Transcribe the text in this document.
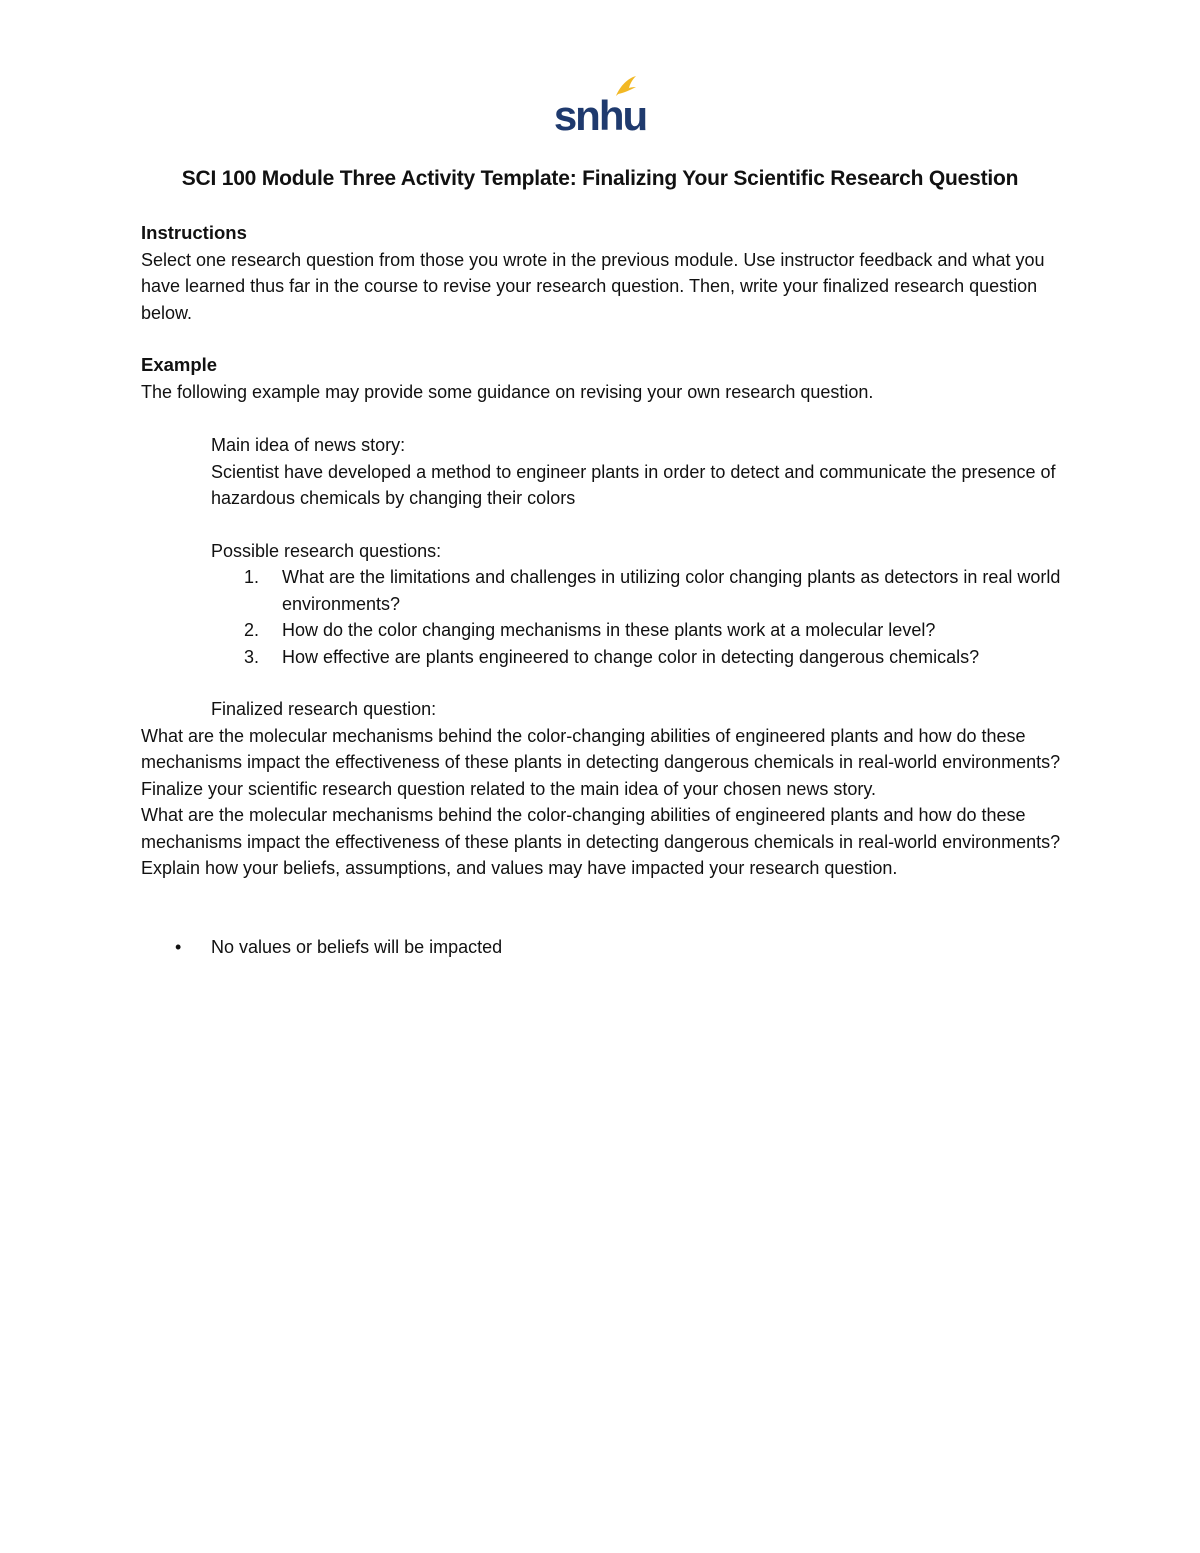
snhu
SCI 100 Module Three Activity Template: Finalizing Your Scientific Research Question
Instructions

Select one research question from those you wrote in the previous module. Use instructor feedback and what you have learned thus far in the course to revise your research question. Then, write your finalized research question below.

Example

The following example may provide some guidance on revising your own research question.

Main idea of news story:

Scientist have developed a method to engineer plants in order to detect and communicate the presence of hazardous chemicals by changing their colors

Possible research questions:

1. What are the limitations and challenges in utilizing color changing plants as detectors in real world environments?
2. How do the color changing mechanisms in these plants work at a molecular level?
3. How effective are plants engineered to change color in detecting dangerous chemicals?
Finalized research question:

What are the molecular mechanisms behind the color-changing abilities of engineered plants and how do these mechanisms impact the effectiveness of these plants in detecting dangerous chemicals in real-world environments?

Finalize your scientific research question related to the main idea of your chosen news story.

What are the molecular mechanisms behind the color-changing abilities of engineered plants and how do these mechanisms impact the effectiveness of these plants in detecting dangerous chemicals in real-world environments?

Explain how your beliefs, assumptions, and values may have impacted your research question.

• No values or beliefs will be impacted
